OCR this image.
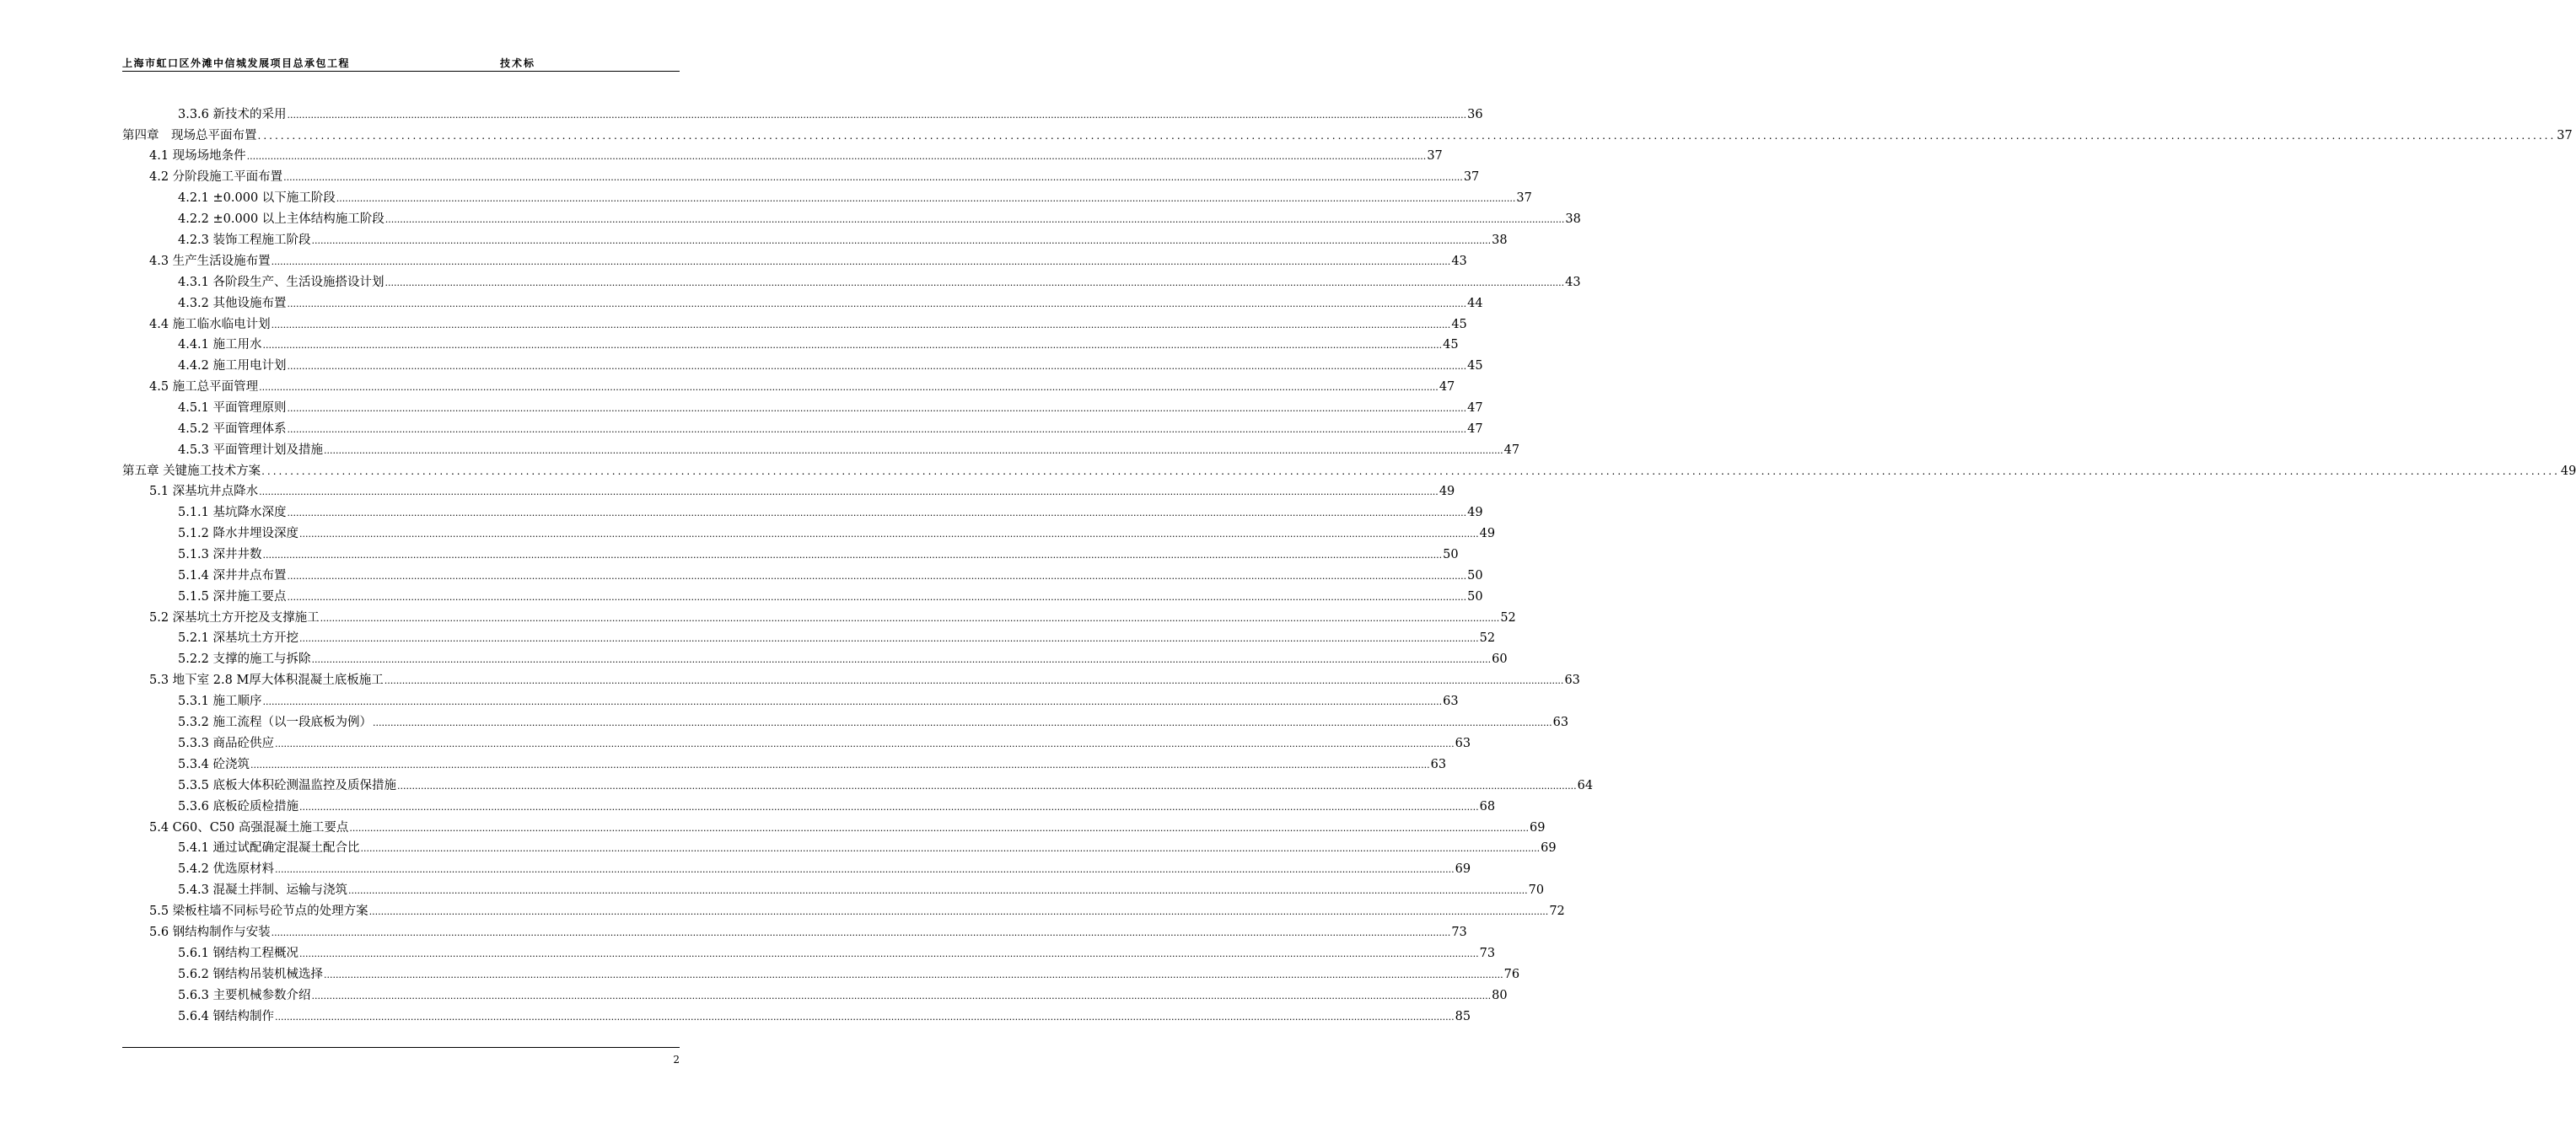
上海市虹口区外滩中信城发展项目总承包工程	技术标
3.3.6 新技术的采用 ................................................................................................................................................................................................................................................................................................................................................................................................................ 36
第四章　现场总平面布置 ................................................................................................................................................................................................................................................................................................................................................................................................................ 37
4.1 现场场地条件 ................................................................................................................................................................................................................................................................................................................................................................................................................ 37
4.2 分阶段施工平面布置 ................................................................................................................................................................................................................................................................................................................................................................................................................ 37
4.2.1 ±0.000 以下施工阶段 ................................................................................................................................................................................................................................................................................................................................................................................................................ 37
4.2.2 ±0.000 以上主体结构施工阶段 ................................................................................................................................................................................................................................................................................................................................................................................................................ 38
4.2.3 装饰工程施工阶段 ................................................................................................................................................................................................................................................................................................................................................................................................................ 38
4.3 生产生活设施布置 ................................................................................................................................................................................................................................................................................................................................................................................................................ 43
4.3.1 各阶段生产、生活设施搭设计划 ................................................................................................................................................................................................................................................................................................................................................................................................................ 43
4.3.2 其他设施布置 ................................................................................................................................................................................................................................................................................................................................................................................................................ 44
4.4 施工临水临电计划 ................................................................................................................................................................................................................................................................................................................................................................................................................ 45
4.4.1 施工用水 ................................................................................................................................................................................................................................................................................................................................................................................................................ 45
4.4.2 施工用电计划 ................................................................................................................................................................................................................................................................................................................................................................................................................ 45
4.5 施工总平面管理 ................................................................................................................................................................................................................................................................................................................................................................................................................ 47
4.5.1 平面管理原则 ................................................................................................................................................................................................................................................................................................................................................................................................................ 47
4.5.2 平面管理体系 ................................................................................................................................................................................................................................................................................................................................................................................................................ 47
4.5.3 平面管理计划及措施 ................................................................................................................................................................................................................................................................................................................................................................................................................ 47
第五章 关键施工技术方案 ................................................................................................................................................................................................................................................................................................................................................................................................................ 49
5.1 深基坑井点降水 ................................................................................................................................................................................................................................................................................................................................................................................................................ 49
5.1.1 基坑降水深度 ................................................................................................................................................................................................................................................................................................................................................................................................................ 49
5.1.2 降水井埋设深度 ................................................................................................................................................................................................................................................................................................................................................................................................................ 49
5.1.3 深井井数 ................................................................................................................................................................................................................................................................................................................................................................................................................ 50
5.1.4 深井井点布置 ................................................................................................................................................................................................................................................................................................................................................................................................................ 50
5.1.5 深井施工要点 ................................................................................................................................................................................................................................................................................................................................................................................................................ 50
5.2 深基坑土方开挖及支撑施工 ................................................................................................................................................................................................................................................................................................................................................................................................................ 52
5.2.1 深基坑土方开挖 ................................................................................................................................................................................................................................................................................................................................................................................................................ 52
5.2.2 支撑的施工与拆除 ................................................................................................................................................................................................................................................................................................................................................................................................................ 60
5.3 地下室 2.8 M厚大体积混凝土底板施工 ................................................................................................................................................................................................................................................................................................................................................................................................................ 63
5.3.1 施工顺序 ................................................................................................................................................................................................................................................................................................................................................................................................................ 63
5.3.2 施工流程（以一段底板为例） ................................................................................................................................................................................................................................................................................................................................................................................................................ 63
5.3.3 商品砼供应 ................................................................................................................................................................................................................................................................................................................................................................................................................ 63
5.3.4 砼浇筑 ................................................................................................................................................................................................................................................................................................................................................................................................................ 63
5.3.5 底板大体积砼测温监控及质保措施 ................................................................................................................................................................................................................................................................................................................................................................................................................ 64
5.3.6 底板砼质检措施 ................................................................................................................................................................................................................................................................................................................................................................................................................ 68
5.4 C60、C50 高强混凝土施工要点 ................................................................................................................................................................................................................................................................................................................................................................................................................ 69
5.4.1 通过试配确定混凝土配合比 ................................................................................................................................................................................................................................................................................................................................................................................................................ 69
5.4.2 优选原材料 ................................................................................................................................................................................................................................................................................................................................................................................................................ 69
5.4.3 混凝土拌制、运输与浇筑 ................................................................................................................................................................................................................................................................................................................................................................................................................ 70
5.5 梁板柱墙不同标号砼节点的处理方案 ................................................................................................................................................................................................................................................................................................................................................................................................................ 72
5.6 钢结构制作与安装 ................................................................................................................................................................................................................................................................................................................................................................................................................ 73
5.6.1 钢结构工程概况 ................................................................................................................................................................................................................................................................................................................................................................................................................ 73
5.6.2 钢结构吊装机械选择 ................................................................................................................................................................................................................................................................................................................................................................................................................ 76
5.6.3 主要机械参数介绍 ................................................................................................................................................................................................................................................................................................................................................................................................................ 80
5.6.4 钢结构制作 ................................................................................................................................................................................................................................................................................................................................................................................................................ 85
2
